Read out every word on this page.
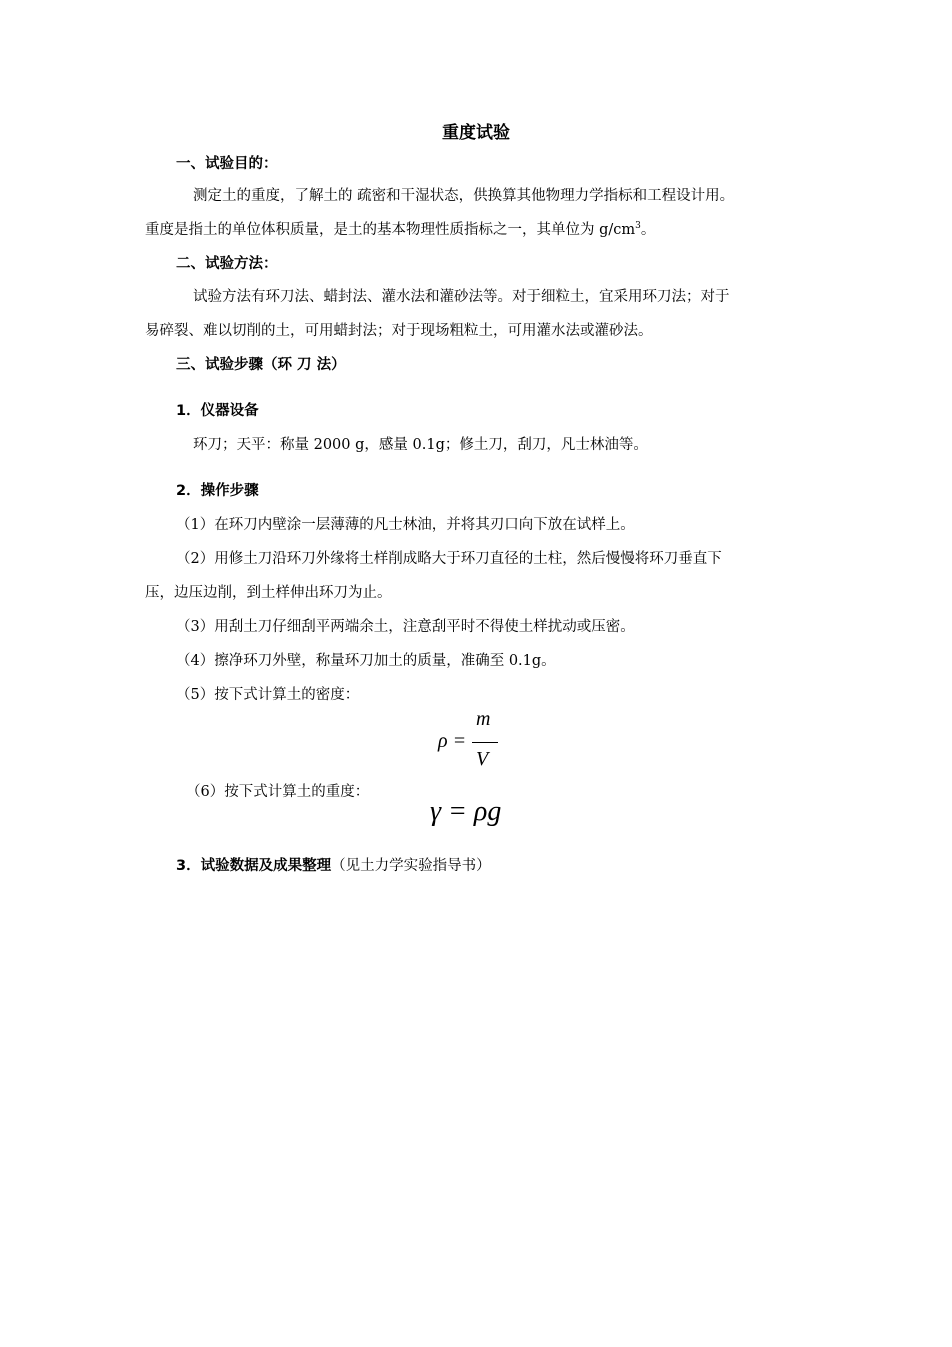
重度试验
一、试验目的：
测定土的重度，了解土的 疏密和干湿状态，供换算其他物理力学指标和工程设计用。
重度是指土的单位体积质量，是土的基本物理性质指标之一，其单位为 $g/cm^3$。
二、试验方法：
试验方法有环刀法、蜡封法、灌水法和灌砂法等。对于细粒土，宜采用环刀法；对于
易碎裂、难以切削的土，可用蜡封法；对于现场粗粒土，可用灌水法或灌砂法。
三、试验步骤（环 刀 法）
1．仪器设备
环刀；天平：称量 2000 g，感量 0.1g；修土刀，刮刀，凡士林油等。
2．操作步骤
（1）在环刀内壁涂一层薄薄的凡士林油，并将其刃口向下放在试样上。
（2）用修土刀沿环刀外缘将土样削成略大于环刀直径的土柱，然后慢慢将环刀垂直下
压，边压边削，到土样伸出环刀为止。
（3）用刮土刀仔细刮平两端余土，注意刮平时不得使土样扰动或压密。
（4）擦净环刀外壁，称量环刀加土的质量，准确至 0.1g。
（5）按下式计算土的密度：
ρ =
m
V
（6）按下式计算土的重度：
γ = ρg
3．试验数据及成果整理（见土力学实验指导书）
